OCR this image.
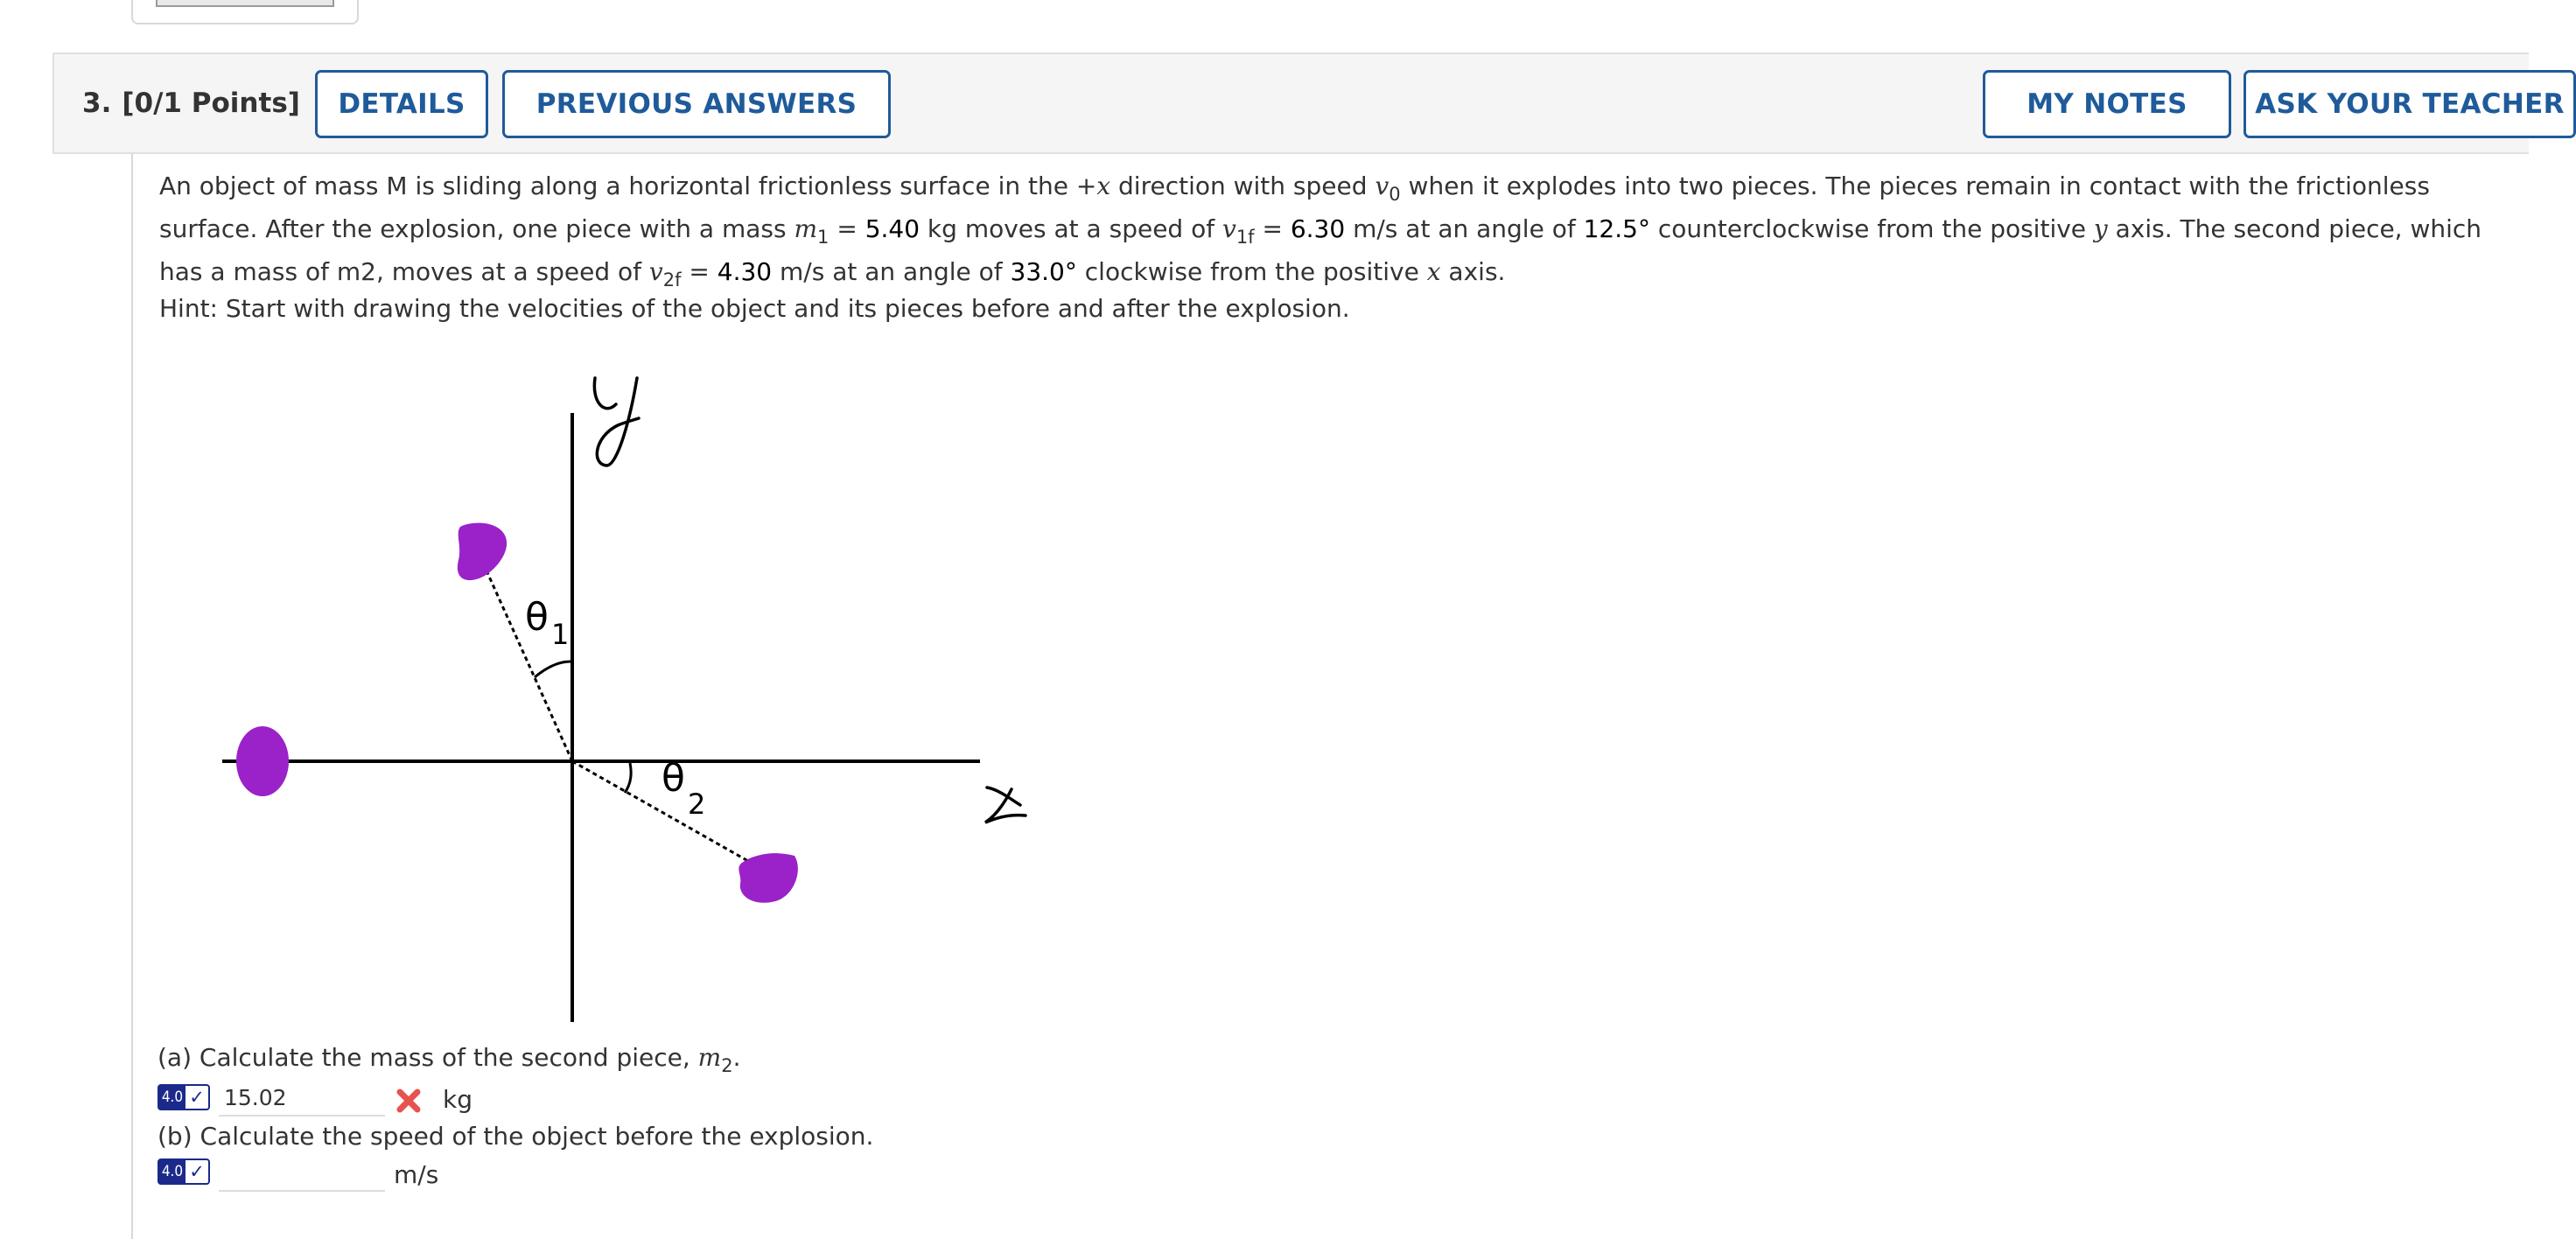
3. [0/1 Points]	DETAILS	PREVIOUS ANSWERS	MY NOTES	ASK YOUR TEACHER
An object of mass M is sliding along a horizontal frictionless surface in the +x direction with speed $v_0$ when it explodes into two pieces. The pieces remain in contact with the frictionless surface. After the explosion, one piece with a mass $m_1 = 5.40$ kg moves at a speed of $v_{1f} = 6.30$ m/s at an angle of 12.5° counterclockwise from the positive y axis. The second piece, which has a mass of m2, moves at a speed of $v_{2f} = 4.30$ m/s at an angle of 33.0° clockwise from the positive x axis.
Hint: Start with drawing the velocities of the object and its pieces before and after the explosion.
y
x
θ 1
θ
2
(a) Calculate the mass of the second piece, $m_2$.
4.0 ✓
15.02	kg
(b) Calculate the speed of the object before the explosion.
4.0 ✓	m/s
